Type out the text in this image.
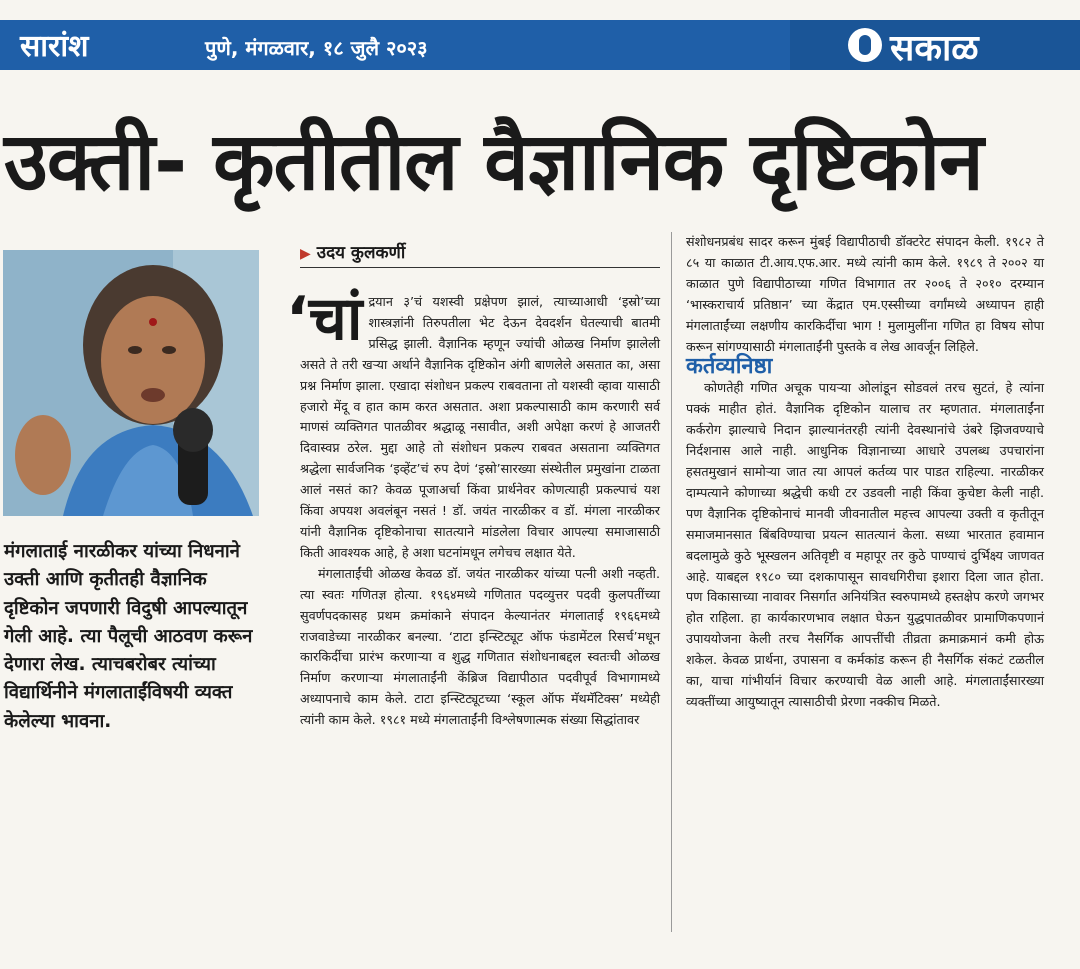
सारांश	पुणे, मंगळवार, १८ जुलै २०२३	सकाळ
उक्ती- कृतीतील वैज्ञानिक दृष्टिकोन
मंगलाताई नारळीकर यांच्या निधनाने उक्ती आणि कृतीतही वैज्ञानिक दृष्टिकोन जपणारी विदुषी आपल्यातून गेली आहे. त्या पैलूची आठवण करून देणारा लेख. त्याचबरोबर त्यांच्या विद्यार्थिनीने मंगलाताईंविषयी व्यक्त केलेल्या भावना.
▶ उदय कुलकर्णी

‘चांद्रयान ३’चं यशस्वी प्रक्षेपण झालं, त्याच्याआधी ‘इस्रो’च्या शास्त्रज्ञांनी तिरुपतीला भेट देऊन देवदर्शन घेतल्याची बातमी प्रसिद्ध झाली. वैज्ञानिक म्हणून ज्यांची ओळख निर्माण झालेली असते ते तरी खऱ्या अर्थाने वैज्ञानिक दृष्टिकोन अंगी बाणलेले असतात का, असा प्रश्न निर्माण झाला. एखादा संशोधन प्रकल्प राबवताना तो यशस्वी व्हावा यासाठी हजारो मेंदू व हात काम करत असतात. अशा प्रकल्पासाठी काम करणारी सर्व माणसं व्यक्तिगत पातळीवर श्रद्धाळू नसावीत, अशी अपेक्षा करणं हे आजतरी दिवास्वप्न ठरेल. मुद्दा आहे तो संशोधन प्रकल्प राबवत असताना व्यक्तिगत श्रद्धेला सार्वजनिक ‘इव्हेंट’चं रुप देणं ‘इस्रो’सारख्या संस्थेतील प्रमुखांना टाळता आलं नसतं का? केवळ पूजाअर्चा किंवा प्रार्थनेवर कोणत्याही प्रकल्पाचं यश किंवा अपयश अवलंबून नसतं ! डॉ. जयंत नारळीकर व डॉ. मंगला नारळीकर यांनी वैज्ञानिक दृष्टिकोनाचा सातत्याने मांडलेला विचार आपल्या समाजासाठी किती आवश्यक आहे, हे अशा घटनांमधून लगेचच लक्षात येते.

मंगलाताईंची ओळख केवळ डॉ. जयंत नारळीकर यांच्या पत्नी अशी नव्हती. त्या स्वतः गणितज्ञ होत्या. १९६४मध्ये गणितात पदव्युत्तर पदवी कुलपतींच्या सुवर्णपदकासह प्रथम क्रमांकाने संपादन केल्यानंतर मंगलाताई १९६६मध्ये राजवाडेच्या नारळीकर बनल्या. ‘टाटा इन्स्टिट्यूट ऑफ फंडामेंटल रिसर्च’मधून कारकिर्दीचा प्रारंभ करणाऱ्या व शुद्ध गणितात संशोधनाबद्दल स्वतःची ओळख निर्माण करणाऱ्या मंगलाताईंनी केंब्रिज विद्यापीठात पदवीपूर्व विभागामध्ये अध्यापनाचे काम केले. टाटा इन्स्टिट्यूटच्या ‘स्कूल ऑफ मॅथमॅटिक्स’ मध्येही त्यांनी काम केले. १९८१ मध्ये मंगलाताईंनी विश्लेषणात्मक संख्या सिद्धांतावर

संशोधनप्रबंध सादर करून मुंबई विद्यापीठाची डॉक्टरेट संपादन केली. १९८२ ते ८५ या काळात टी.आय.एफ.आर. मध्ये त्यांनी काम केले. १९८९ ते २००२ या काळात पुणे विद्यापीठाच्या गणित विभागात तर २००६ ते २०१० दरम्यान ‘भास्कराचार्य प्रतिष्ठान’ च्या केंद्रात एम.एस्सीच्या वर्गांमध्ये अध्यापन हाही मंगलाताईंच्या लक्षणीय कारकिर्दीचा भाग ! मुलामुलींना गणित हा विषय सोपा करून सांगण्यासाठी मंगलाताईंनी पुस्तके व लेख आवर्जून लिहिले.

कर्तव्यनिष्ठा

कोणतेही गणित अचूक पायऱ्या ओलांडून सोडवलं तरच सुटतं, हे त्यांना पक्कं माहीत होतं. वैज्ञानिक दृष्टिकोन यालाच तर म्हणतात. मंगलाताईंना कर्करोग झाल्याचे निदान झाल्यानंतरही त्यांनी देवस्थानांचे उंबरे झिजवण्याचे निर्दशनास आले नाही. आधुनिक विज्ञानाच्या आधारे उपलब्ध उपचारांना हसतमुखानं सामोऱ्या जात त्या आपलं कर्तव्य पार पाडत राहिल्या. नारळीकर दाम्पत्याने कोणाच्या श्रद्धेची कधी टर उडवली नाही किंवा कुचेष्टा केली नाही. पण वैज्ञानिक दृष्टिकोनाचं मानवी जीवनातील महत्त्व आपल्या उक्ती व कृतीतून समाजमानसात बिंबविण्याचा प्रयत्न सातत्यानं केला. सध्या भारतात हवामान बदलामुळे कुठे भूस्खलन अतिवृष्टी व महापूर तर कुठे पाण्याचं दुर्भिक्ष्य जाणवत आहे. याबद्दल १९८० च्या दशकापासून सावधगिरीचा इशारा दिला जात होता. पण विकासाच्या नावावर निसर्गात अनियंत्रित स्वरुपामध्ये हस्तक्षेप करणे जगभर होत राहिला. हा कार्यकारणभाव लक्षात घेऊन युद्धपातळीवर प्रामाणिकपणानं उपाययोजना केली तरच नैसर्गिक आपत्तींची तीव्रता क्रमाक्रमानं कमी होऊ शकेल. केवळ प्रार्थना, उपासना व कर्मकांड करून ही नैसर्गिक संकटं टळतील का, याचा गांभीर्यानं विचार करण्याची वेळ आली आहे. मंगलाताईंसारख्या व्यक्तींच्या आयुष्यातून त्यासाठीची प्रेरणा नक्कीच मिळते.
